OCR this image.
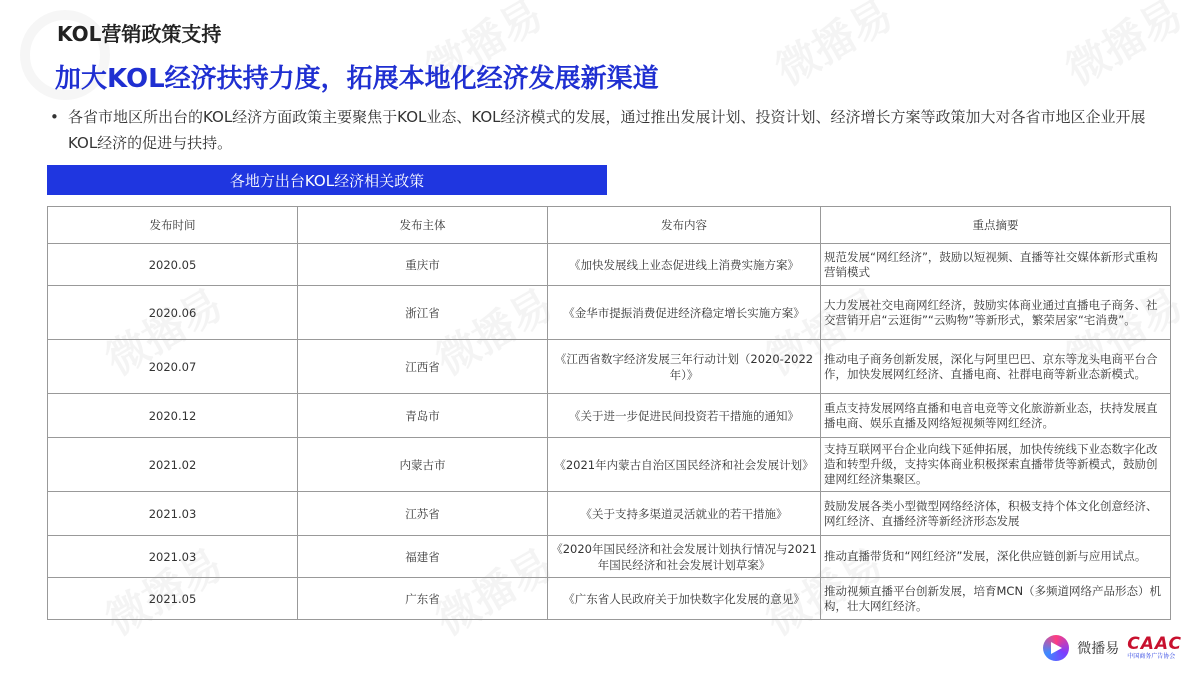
KOL营销政策支持
加大KOL经济扶持力度，拓展本地化经济发展新渠道
• 各省市地区所出台的KOL经济方面政策主要聚焦于KOL业态、KOL经济模式的发展，通过推出发展计划、投资计划、经济增长方案等政策加大对各省市地区企业开展
KOL经济的促进与扶持。
各地方出台KOL经济相关政策
发布时间	发布主体	发布内容	重点摘要
2020.05	重庆市	《加快发展线上业态促进线上消费实施方案》	规范发展“网红经济”，鼓励以短视频、直播等社交媒体新形式重构营销模式
2020.06	浙江省	《金华市提振消费促进经济稳定增长实施方案》	大力发展社交电商网红经济，鼓励实体商业通过直播电子商务、社交营销开启“云逛街”“云购物”等新形式，繁荣居家“宅消费”。
2020.07	江西省	《江西省数字经济发展三年行动计划（2020-2022年）》	推动电子商务创新发展，深化与阿里巴巴、京东等龙头电商平台合作，加快发展网红经济、直播电商、社群电商等新业态新模式。
2020.12	青岛市	《关于进一步促进民间投资若干措施的通知》	重点支持发展网络直播和电音电竞等文化旅游新业态，扶持发展直播电商、娱乐直播及网络短视频等网红经济。
2021.02	内蒙古市	《2021年内蒙古自治区国民经济和社会发展计划》	支持互联网平台企业向线下延伸拓展，加快传统线下业态数字化改造和转型升级，支持实体商业积极探索直播带货等新模式，鼓励创建网红经济集聚区。
2021.03	江苏省	《关于支持多渠道灵活就业的若干措施》	鼓励发展各类小型微型网络经济体，积极支持个体文化创意经济、网红经济、直播经济等新经济形态发展
2021.03	福建省	《2020年国民经济和社会发展计划执行情况与2021年国民经济和社会发展计划草案》	推动直播带货和“网红经济”发展，深化供应链创新与应用试点。
2021.05	广东省	《广东省人民政府关于加快数字化发展的意见》	推动视频直播平台创新发展，培育MCN（多频道网络产品形态）机构，壮大网红经济。
微播易 CAAC
中国商务广告协会
